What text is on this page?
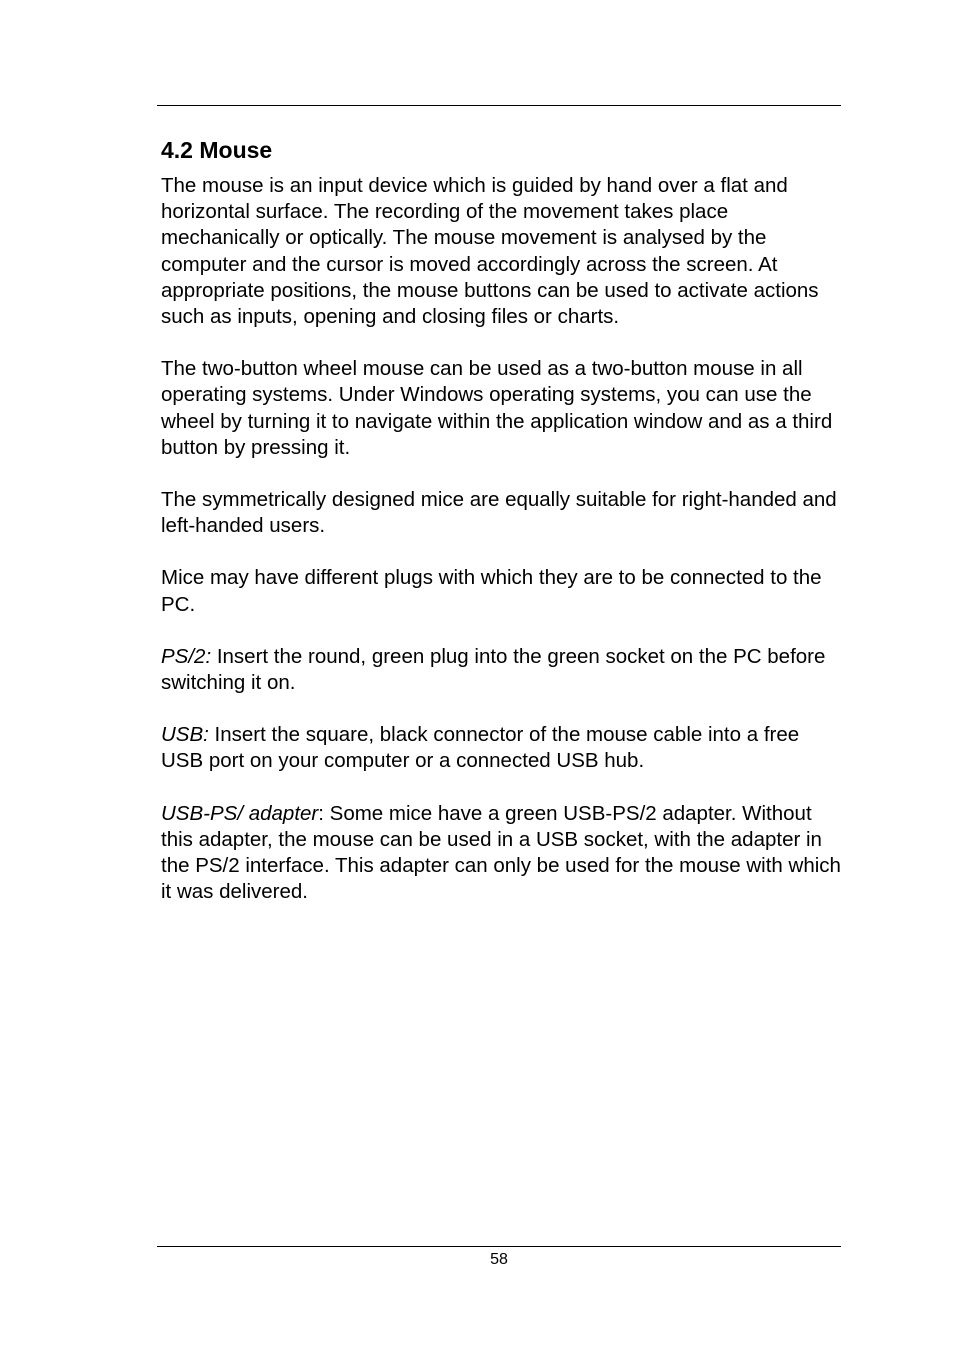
4.2 Mouse

The mouse is an input device which is guided by hand over a flat and horizontal surface. The recording of the movement takes place mechanically or optically. The mouse movement is analysed by the computer and the cursor is moved accordingly across the screen. At appropriate positions, the mouse buttons can be used to activate actions such as inputs, opening and closing files or charts.

The two-button wheel mouse can be used as a two-button mouse in all operating systems. Under Windows operating systems, you can use the wheel by turning it to navigate within the application window and as a third button by pressing it.

The symmetrically designed mice are equally suitable for right-handed and left-handed users.

Mice may have different plugs with which they are to be connected to the PC.

PS/2: Insert the round, green plug into the green socket on the PC before switching it on.

USB: Insert the square, black connector of the mouse cable into a free USB port on your computer or a connected USB hub.

USB-PS/ adapter: Some mice have a green USB-PS/2 adapter. Without this adapter, the mouse can be used in a USB socket, with the adapter in the PS/2 interface. This adapter can only be used for the mouse with which it was delivered.

58
